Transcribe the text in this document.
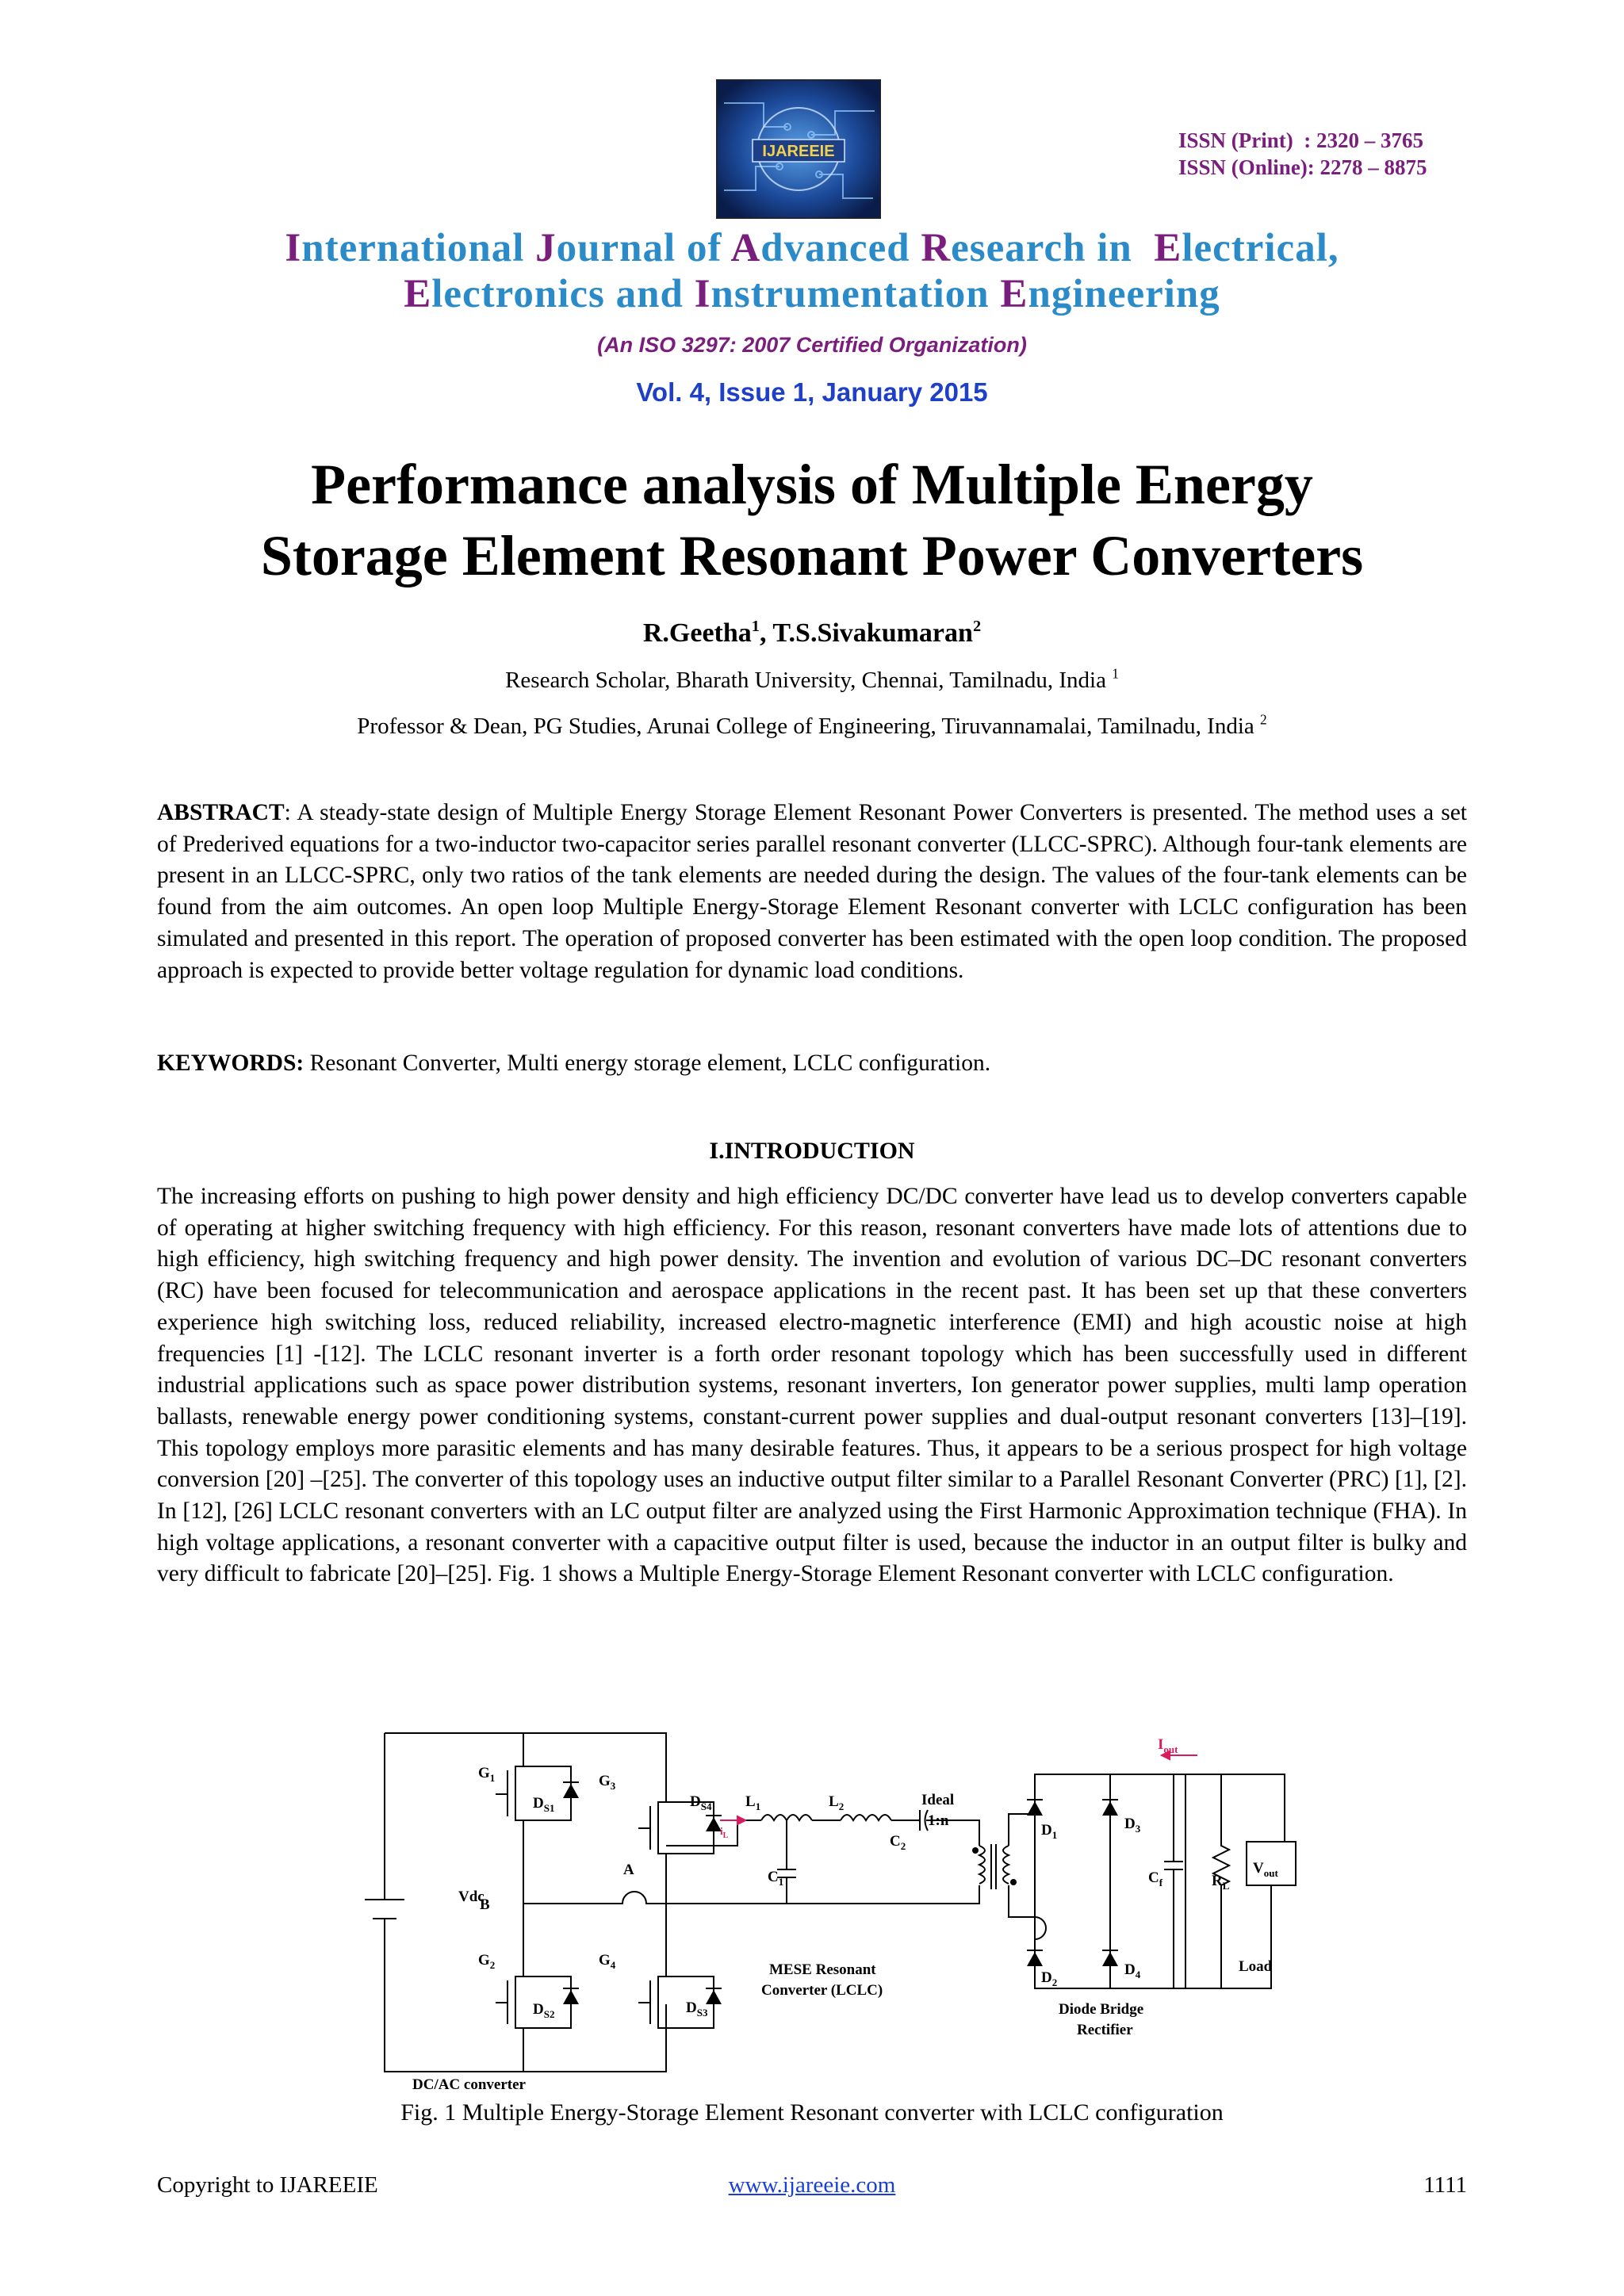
IJAREEIE	ISSN (Print)  : 2320 – 3765
ISSN (Online): 2278 – 8875
International Journal of Advanced Research in  Electrical,
Electronics and Instrumentation Engineering
(An ISO 3297: 2007 Certified Organization)
Vol. 4, Issue 1, January 2015
Performance analysis of Multiple Energy
Storage Element Resonant Power Converters
R.Geetha$^1$, T.S.Sivakumaran$^2$
Research Scholar, Bharath University, Chennai, Tamilnadu, India $^1$
Professor & Dean, PG Studies, Arunai College of Engineering, Tiruvannamalai, Tamilnadu, India $^2$

ABSTRACT: A steady-state design of Multiple Energy Storage Element Resonant Power Converters is presented. The method uses a set of Prederived equations for a two-inductor two-capacitor series parallel resonant converter (LLCC-SPRC). Although four-tank elements are present in an LLCC-SPRC, only two ratios of the tank elements are needed during the design. The values of the four-tank elements can be found from the aim outcomes. An open loop Multiple Energy-Storage Element Resonant converter with LCLC configuration has been simulated and presented in this report. The operation of proposed converter has been estimated with the open loop condition. The proposed approach is expected to provide better voltage regulation for dynamic load conditions.

KEYWORDS: Resonant Converter, Multi energy storage element, LCLC configuration.

I.INTRODUCTION

The increasing efforts on pushing to high power density and high efficiency DC/DC converter have lead us to develop converters capable of operating at higher switching frequency with high efficiency. For this reason, resonant converters have made lots of attentions due to high efficiency, high switching frequency and high power density. The invention and evolution of various DC–DC resonant converters (RC) have been focused for telecommunication and aerospace applications in the recent past. It has been set up that these converters experience high switching loss, reduced reliability, increased electro-magnetic interference (EMI) and high acoustic noise at high frequencies [1] -[12]. The LCLC resonant inverter is a forth order resonant topology which has been successfully used in different industrial applications such as space power distribution systems, resonant inverters, Ion generator power supplies, multi lamp operation ballasts, renewable energy power conditioning systems, constant-current power supplies and dual-output resonant converters [13]–[19]. This topology employs more parasitic elements and has many desirable features. Thus, it appears to be a serious prospect for high voltage conversion [20] –[25]. The converter of this topology uses an inductive output filter similar to a Parallel Resonant Converter (PRC) [1], [2]. In [12], [26] LCLC resonant converters with an LC output filter are analyzed using the First Harmonic Approximation technique (FHA). In high voltage applications, a resonant converter with a capacitive output filter is used, because the inductor in an output filter is bulky and very difficult to fabricate [20]–[25]. Fig. 1 shows a Multiple Energy-Storage Element Resonant converter with LCLC configuration.

Vdc
$G_1$
$G_2$
$G_3$
$G_4$
$D_{S1}$
$D_{S2}$	$D_{S3}$
$D_{S4}$ $L_1$	$L_2$
$C_1$
$C_2$
$D_1$
$D_2$
$D_3$
$D_4$
$C_f$	$R_L$
$V_{out}$
$i_L$
$I_{out}$
A
B
Ideal
1:n
MESE Resonant
Converter (LCLC)
Diode Bridge
Rectifier
Load
DC/AC converter
Fig. 1 Multiple Energy-Storage Element Resonant converter with LCLC configuration
Copyright to IJAREEIE	www.ijareeie.com	1111
